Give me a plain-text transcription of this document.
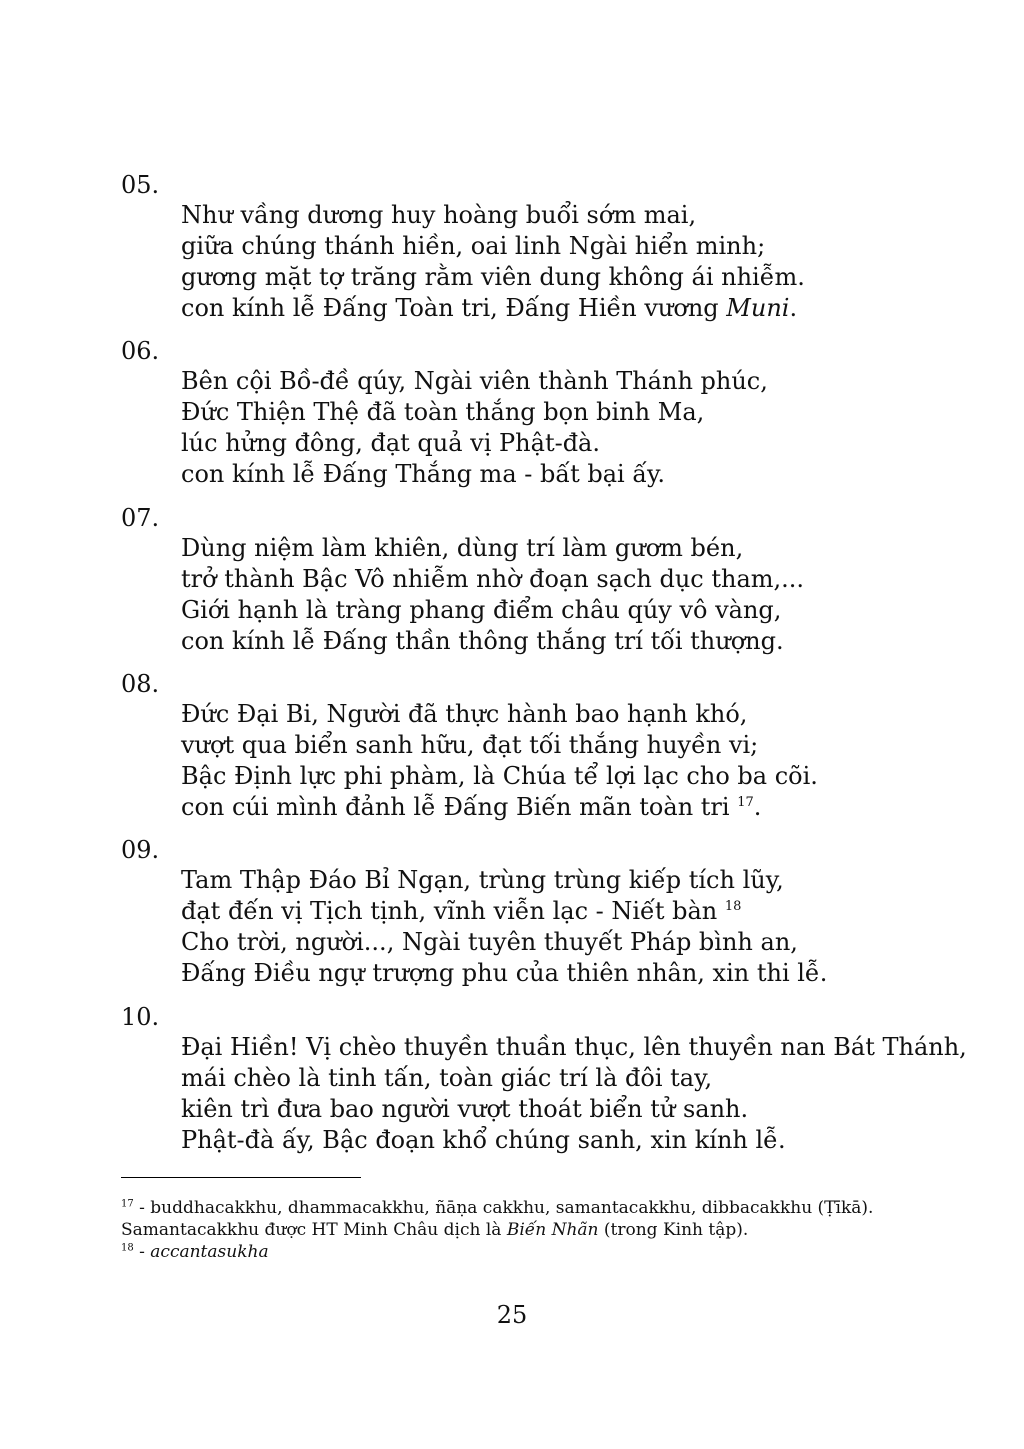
05.

Như vầng dương huy hoàng buổi sớm mai,
giữa chúng thánh hiền, oai linh Ngài hiển minh;
gương mặt tợ trăng rằm viên dung không ái nhiễm.
con kính lễ Đấng Toàn tri, Đấng Hiền vương Muni.

06.

Bên cội Bồ-đề qúy, Ngài viên thành Thánh phúc,
Đức Thiện Thệ đã toàn thắng bọn binh Ma,
lúc hửng đông, đạt quả vị Phật-đà.
con kính lễ Đấng Thắng ma - bất bại ấy.

07.

Dùng niệm làm khiên, dùng trí làm gươm bén,
trở thành Bậc Vô nhiễm nhờ đoạn sạch dục tham,...
Giới hạnh là tràng phang điểm châu qúy vô vàng,
con kính lễ Đấng thần thông thắng trí tối thượng.

08.

Đức Đại Bi, Người đã thực hành bao hạnh khó,
vượt qua biển sanh hữu, đạt tối thắng huyền vi;
Bậc Định lực phi phàm, là Chúa tể lợi lạc cho ba cõi.
con cúi mình đảnh lễ Đấng Biến mãn toàn tri $^{17}$.

09.

Tam Thập Đáo Bỉ Ngạn, trùng trùng kiếp tích lũy,
đạt đến vị Tịch tịnh, vĩnh viễn lạc - Niết bàn $^{18}$
Cho trời, người..., Ngài tuyên thuyết Pháp bình an,
Đấng Điều ngự trượng phu của thiên nhân, xin thi lễ.

10.

Đại Hiền! Vị chèo thuyền thuần thục, lên thuyền nan Bát Thánh,
mái chèo là tinh tấn, toàn giác trí là đôi tay,
kiên trì đưa bao người vượt thoát biển tử sanh.
Phật-đà ấy, Bậc đoạn khổ chúng sanh, xin kính lễ.
$^{17}$ - buddhacakkhu, dhammacakkhu, ñāṇa cakkhu, samantacakkhu, dibbacakkhu (Ṭīkā).
Samantacakkhu được HT Minh Châu dịch là Biến Nhãn (trong Kinh tập).
$^{18}$ - accantasukha
25
